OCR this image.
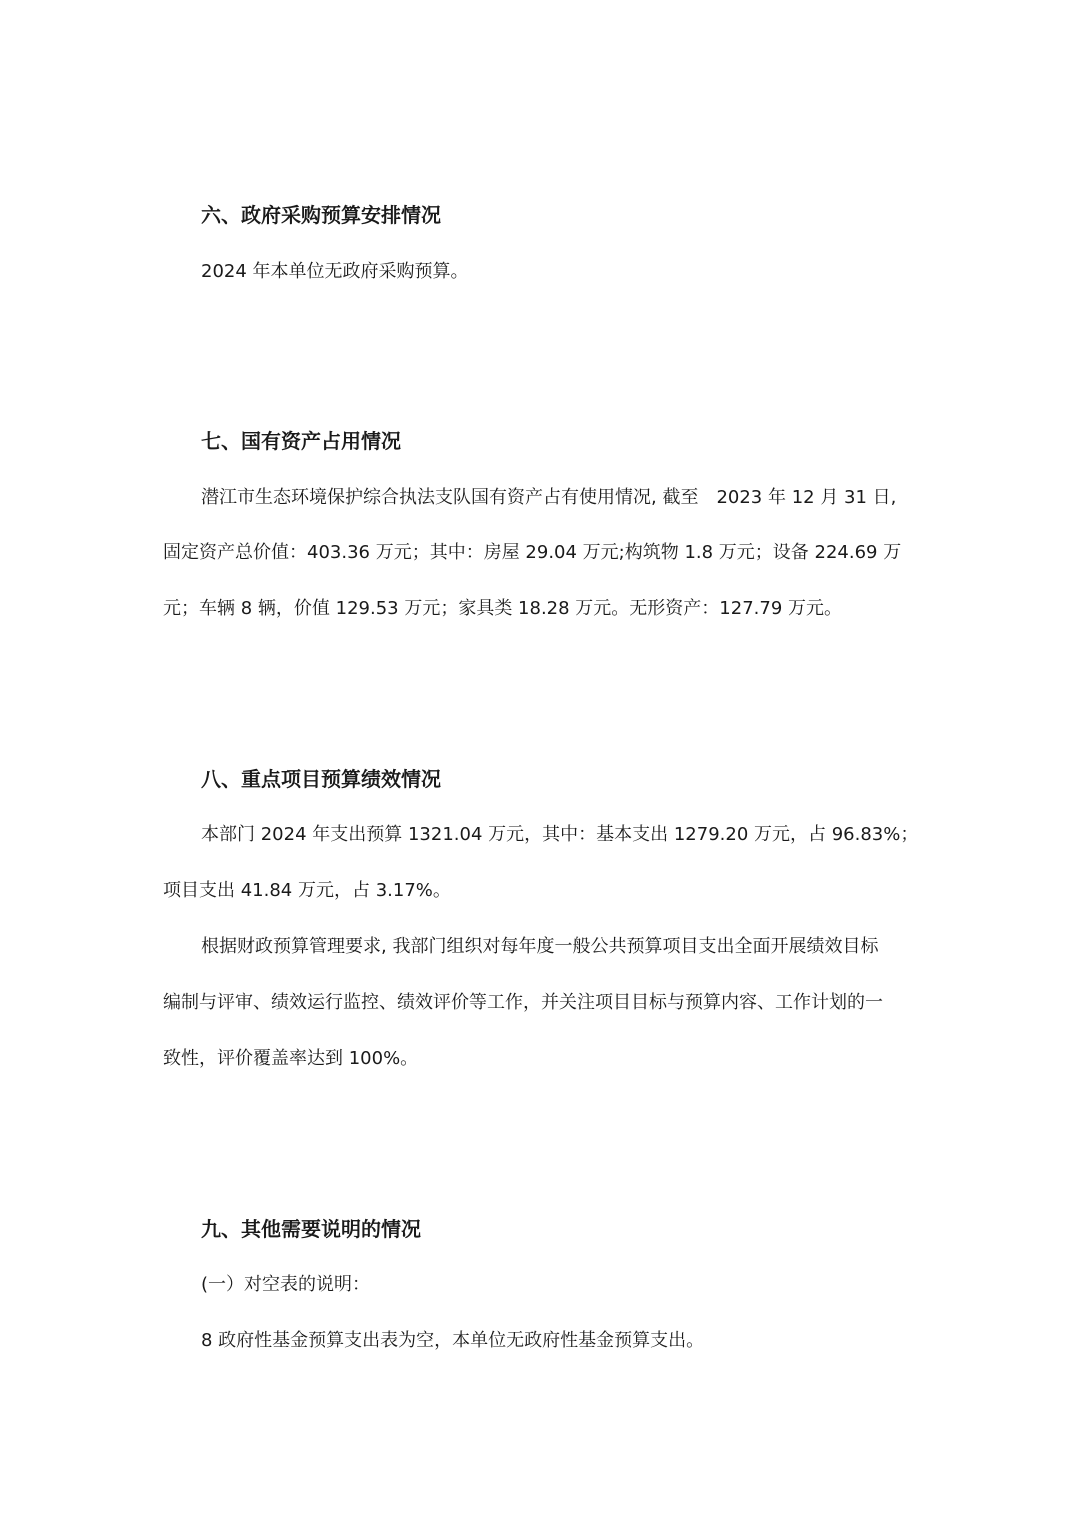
六、政府采购预算安排情况
2024 年本单位无政府采购预算。
七、国有资产占用情况
潜江市生态环境保护综合执法支队国有资产占有使用情况, 截至　2023 年 12 月 31 日,
固定资产总价值：403.36 万元；其中：房屋 29.04 万元;构筑物 1.8 万元；设备 224.69 万
元；车辆 8 辆，价值 129.53 万元；家具类 18.28 万元。无形资产：127.79 万元。
八、重点项目预算绩效情况
本部门 2024 年支出预算 1321.04 万元，其中：基本支出 1279.20 万元，占 96.83%；
项目支出 41.84 万元，占 3.17%。
根据财政预算管理要求, 我部门组织对每年度一般公共预算项目支出全面开展绩效目标
编制与评审、绩效运行监控、绩效评价等工作，并关注项目目标与预算内容、工作计划的一
致性，评价覆盖率达到 100%。
九、其他需要说明的情况
(一）对空表的说明：
8 政府性基金预算支出表为空，本单位无政府性基金预算支出。
